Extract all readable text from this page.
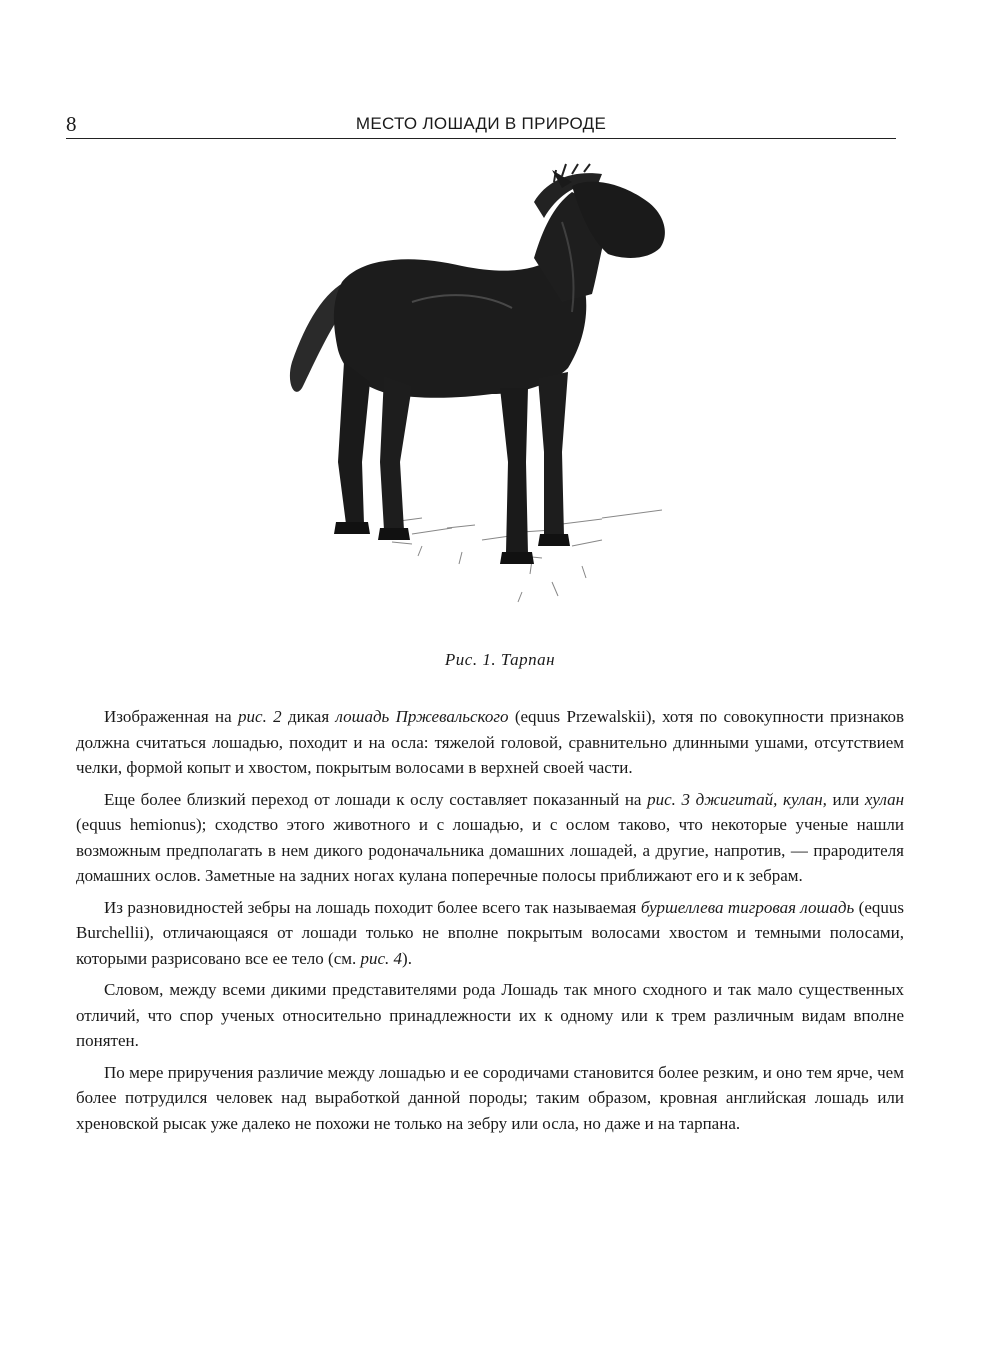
8	МЕСТО ЛОШАДИ В ПРИРОДЕ
Рис. 1. Тарпан

Изображенная на рис. 2 дикая лошадь Пржевальского (equus Przewalskii), хотя по совокупности признаков должна считаться лошадью, походит и на осла: тяжелой головой, сравнительно длинными ушами, отсутствием челки, формой копыт и хвостом, покрытым волосами в верхней своей части.

Еще более близкий переход от лошади к ослу составляет показанный на рис. 3 джигитай, кулан, или хулан (equus hemionus); сходство этого животного и с лошадью, и с ослом таково, что некоторые ученые нашли возможным предполагать в нем дикого родоначальника домашних лошадей, а другие, напротив, — прародителя домашних ослов. Заметные на задних ногах кулана поперечные полосы приближают его и к зебрам.

Из разновидностей зебры на лошадь походит более всего так называемая буршеллева тигровая лошадь (equus Burchellii), отличающаяся от лошади только не вполне покрытым волосами хвостом и темными полосами, которыми разрисовано все ее тело (см. рис. 4).

Словом, между всеми дикими представителями рода Лошадь так много сходного и так мало существенных отличий, что спор ученых относительно принадлежности их к одному или к трем различным видам вполне понятен.

По мере приручения различие между лошадью и ее сородичами становится более резким, и оно тем ярче, чем более потрудился человек над выработкой данной породы; таким образом, кровная английская лошадь или хреновской рысак уже далеко не похожи не только на зебру или осла, но даже и на тарпана.
